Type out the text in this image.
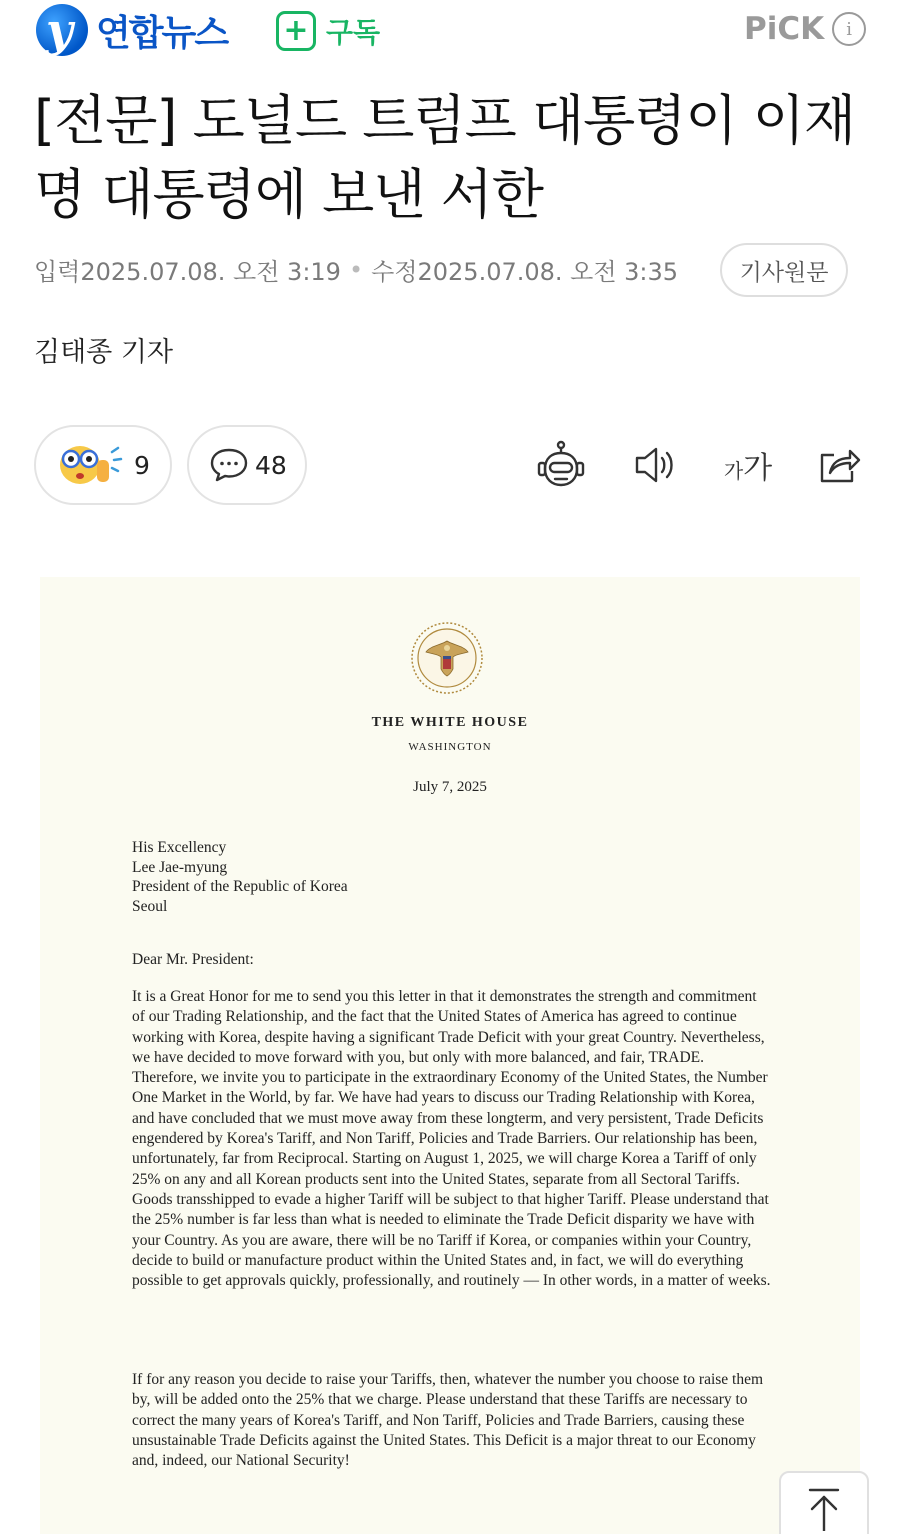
y 연합뉴스 + 구독	PiCK	i
[전문] 도널드 트럼프 대통령이 이재명 대통령에 보낸 서한
입력 2025.07.08. 오전 3:19 • 수정 2025.07.08. 오전 3:35	기사원문
김태종 기자
9	48	가가
THE WHITE HOUSE
WASHINGTON
July 7, 2025
His Excellency
Lee Jae-myung
President of the Republic of Korea
Seoul
Dear Mr. President:

It is a Great Honor for me to send you this letter in that it demonstrates the strength and commitment of our Trading Relationship, and the fact that the United States of America has agreed to continue working with Korea, despite having a significant Trade Deficit with your great Country. Nevertheless, we have decided to move forward with you, but only with more balanced, and fair, TRADE. Therefore, we invite you to participate in the extraordinary Economy of the United States, the Number One Market in the World, by far. We have had years to discuss our Trading Relationship with Korea, and have concluded that we must move away from these longterm, and very persistent, Trade Deficits engendered by Korea's Tariff, and Non Tariff, Policies and Trade Barriers. Our relationship has been, unfortunately, far from Reciprocal. Starting on August 1, 2025, we will charge Korea a Tariff of only 25% on any and all Korean products sent into the United States, separate from all Sectoral Tariffs. Goods transshipped to evade a higher Tariff will be subject to that higher Tariff. Please understand that the 25% number is far less than what is needed to eliminate the Trade Deficit disparity we have with your Country. As you are aware, there will be no Tariff if Korea, or companies within your Country, decide to build or manufacture product within the United States and, in fact, we will do everything possible to get approvals quickly, professionally, and routinely — In other words, in a matter of weeks.

If for any reason you decide to raise your Tariffs, then, whatever the number you choose to raise them by, will be added onto the 25% that we charge. Please understand that these Tariffs are necessary to correct the many years of Korea's Tariff, and Non Tariff, Policies and Trade Barriers, causing these unsustainable Trade Deficits against the United States. This Deficit is a major threat to our Economy and, indeed, our National Security!
